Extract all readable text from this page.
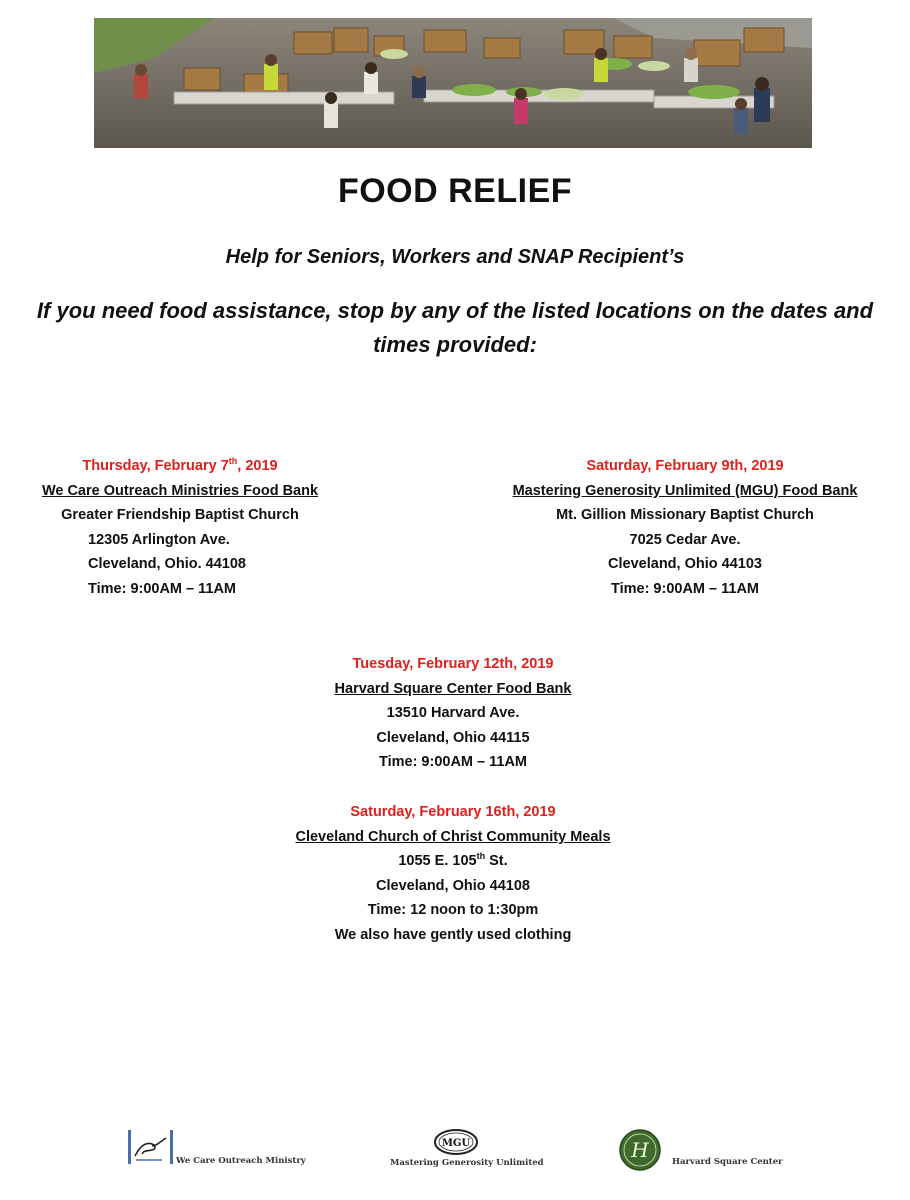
FOOD RELIEF
Help for Seniors, Workers and SNAP Recipient’s
If you need food assistance, stop by any of the listed locations on the dates and times provided:
Thursday, February 7th, 2019
We Care Outreach Ministries Food Bank
Greater Friendship Baptist Church
12305 Arlington Ave.
Cleveland, Ohio. 44108
Time: 9:00AM – 11AM
Saturday, February 9th, 2019
Mastering Generosity Unlimited (MGU) Food Bank
Mt. Gillion Missionary Baptist Church
7025 Cedar Ave.
Cleveland, Ohio 44103
Time: 9:00AM – 11AM
Tuesday, February 12th, 2019
Harvard Square Center Food Bank
13510 Harvard Ave.
Cleveland, Ohio 44115
Time: 9:00AM – 11AM
Saturday, February 16th, 2019
Cleveland Church of Christ Community Meals
1055 E. 105th St.
Cleveland, Ohio 44108
Time: 12 noon to 1:30pm
We also have gently used clothing
We Care Outreach Ministry
MGU
Mastering Generosity Unlimited
H	Harvard Square Center
